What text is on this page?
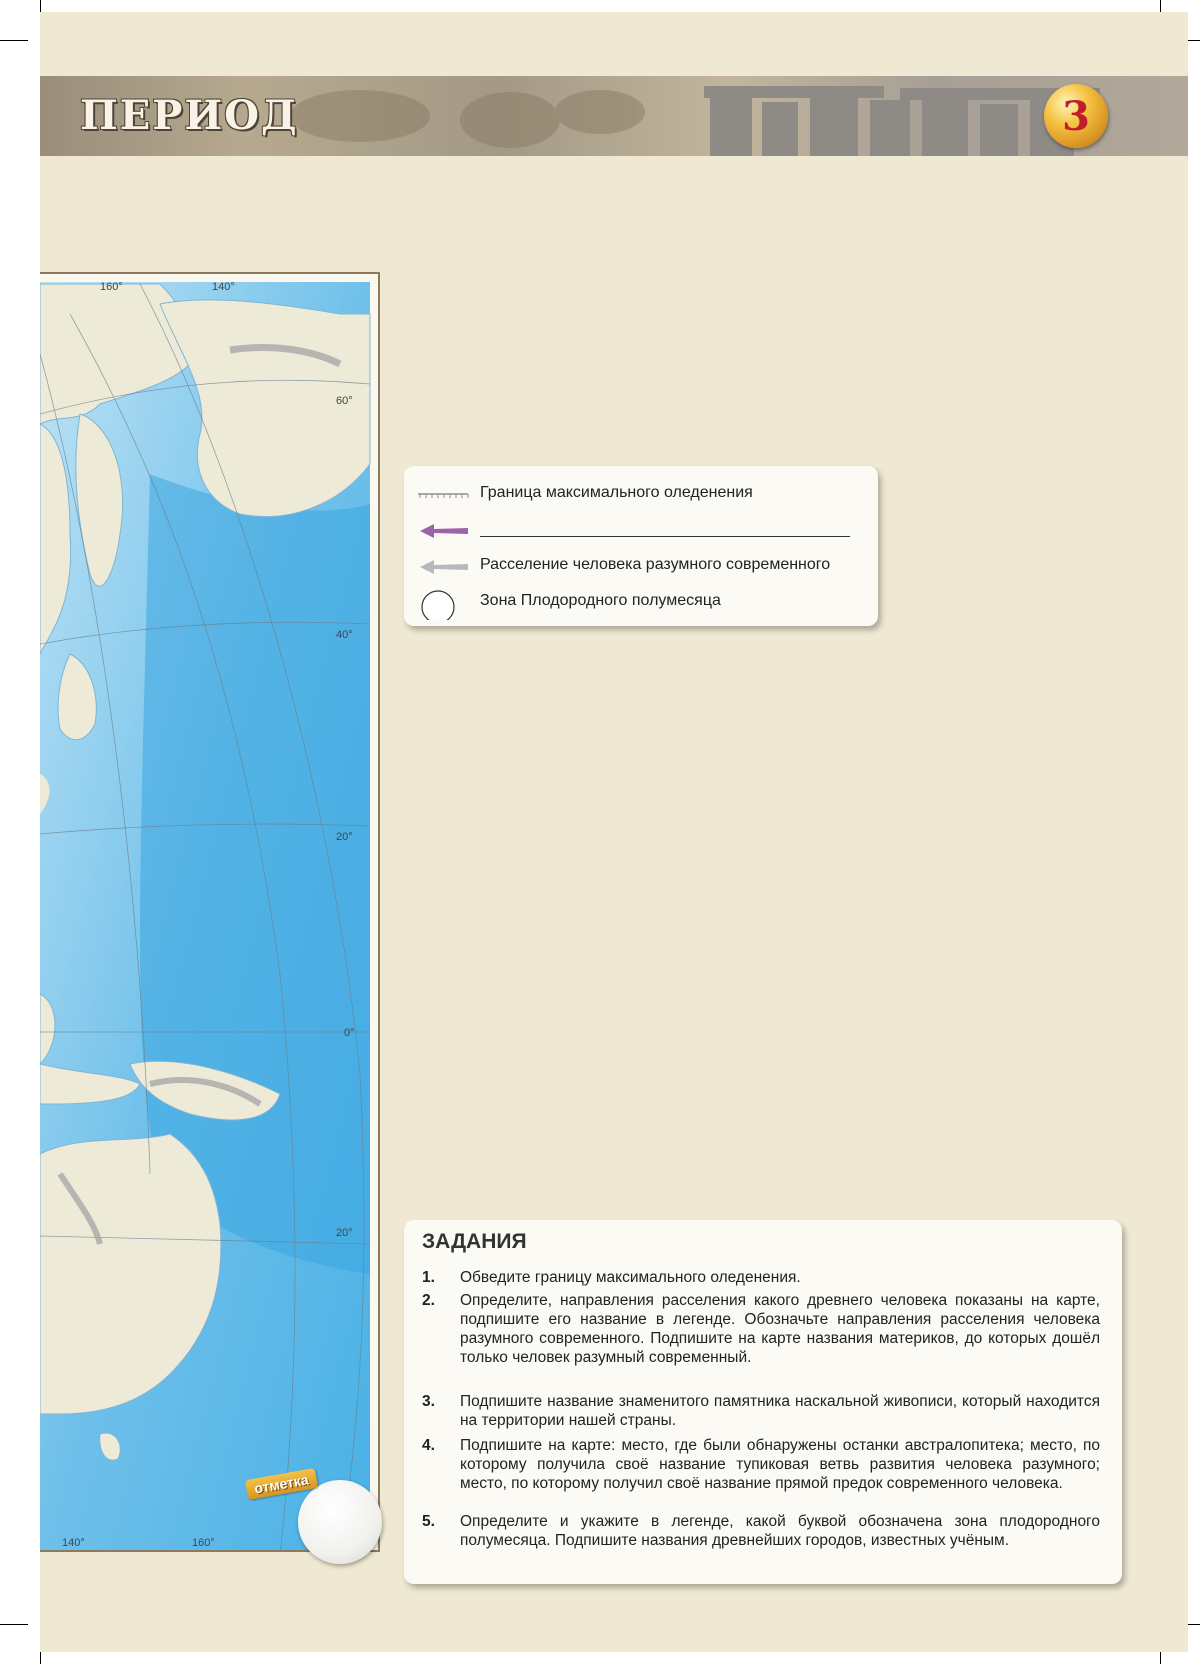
ПЕРИОД	3
160°	140°
60°
40°
20°
0°
20°
140°	160°
отметка
Граница максимального оледенения
Расселение человека разумного современного
Зона Плодородного полумесяца
ЗАДАНИЯ
1. Обведите границу максимального оледенения.
2. Определите, направления расселения какого древнего человека показаны на карте, подпишите его название в легенде. Обозначьте направления расселения человека разумного современного. Подпишите на карте названия материков, до которых дошёл только человек разумный современный.
3. Подпишите название знаменитого памятника наскальной живописи, который находится на территории нашей страны.
4. Подпишите на карте: место, где были обнаружены останки австралопитека; место, по которому получила своё название тупиковая ветвь развития человека разумного; место, по которому получил своё название прямой предок современного человека.
5. Определите и укажите в легенде, какой буквой обозначена зона плодородного полумесяца. Подпишите названия древнейших городов, известных учёным.
